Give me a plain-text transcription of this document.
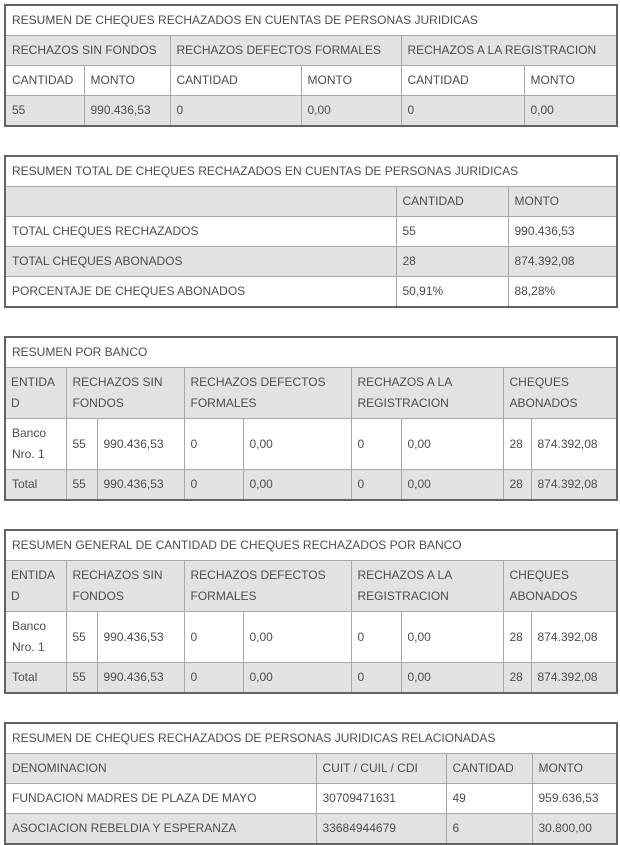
RESUMEN DE CHEQUES RECHAZADOS EN CUENTAS DE PERSONAS JURIDICAS					
RECHAZOS SIN FONDOS		RECHAZOS DEFECTOS FORMALES		RECHAZOS A LA REGISTRACION	
CANTIDAD	MONTO	CANTIDAD	MONTO	CANTIDAD	MONTO
55	990.436,53	0	0,00	0	0,00
RESUMEN TOTAL DE CHEQUES RECHAZADOS EN CUENTAS DE PERSONAS JURIDICAS		
	CANTIDAD	MONTO
TOTAL CHEQUES RECHAZADOS	55	990.436,53
TOTAL CHEQUES ABONADOS	28	874.392,08
PORCENTAJE DE CHEQUES ABONADOS	50,91%	88,28%
RESUMEN POR BANCO								
ENTIDAD	RECHAZOS SIN FONDOS		RECHAZOS DEFECTOS FORMALES		RECHAZOS A LA REGISTRACION		CHEQUES ABONADOS	
Banco Nro. 1	55	990.436,53	0	0,00	0	0,00	28	874.392,08
Total	55	990.436,53	0	0,00	0	0,00	28	874.392,08
RESUMEN GENERAL DE CANTIDAD DE CHEQUES RECHAZADOS POR BANCO								
ENTIDAD	RECHAZOS SIN FONDOS		RECHAZOS DEFECTOS FORMALES		RECHAZOS A LA REGISTRACION		CHEQUES ABONADOS	
Banco Nro. 1	55	990.436,53	0	0,00	0	0,00	28	874.392,08
Total	55	990.436,53	0	0,00	0	0,00	28	874.392,08
RESUMEN DE CHEQUES RECHAZADOS DE PERSONAS JURIDICAS RELACIONADAS			
DENOMINACION	CUIT / CUIL / CDI	CANTIDAD	MONTO
FUNDACION MADRES DE PLAZA DE MAYO	30709471631	49	959.636,53
ASOCIACION REBELDIA Y ESPERANZA	33684944679	6	30.800,00
